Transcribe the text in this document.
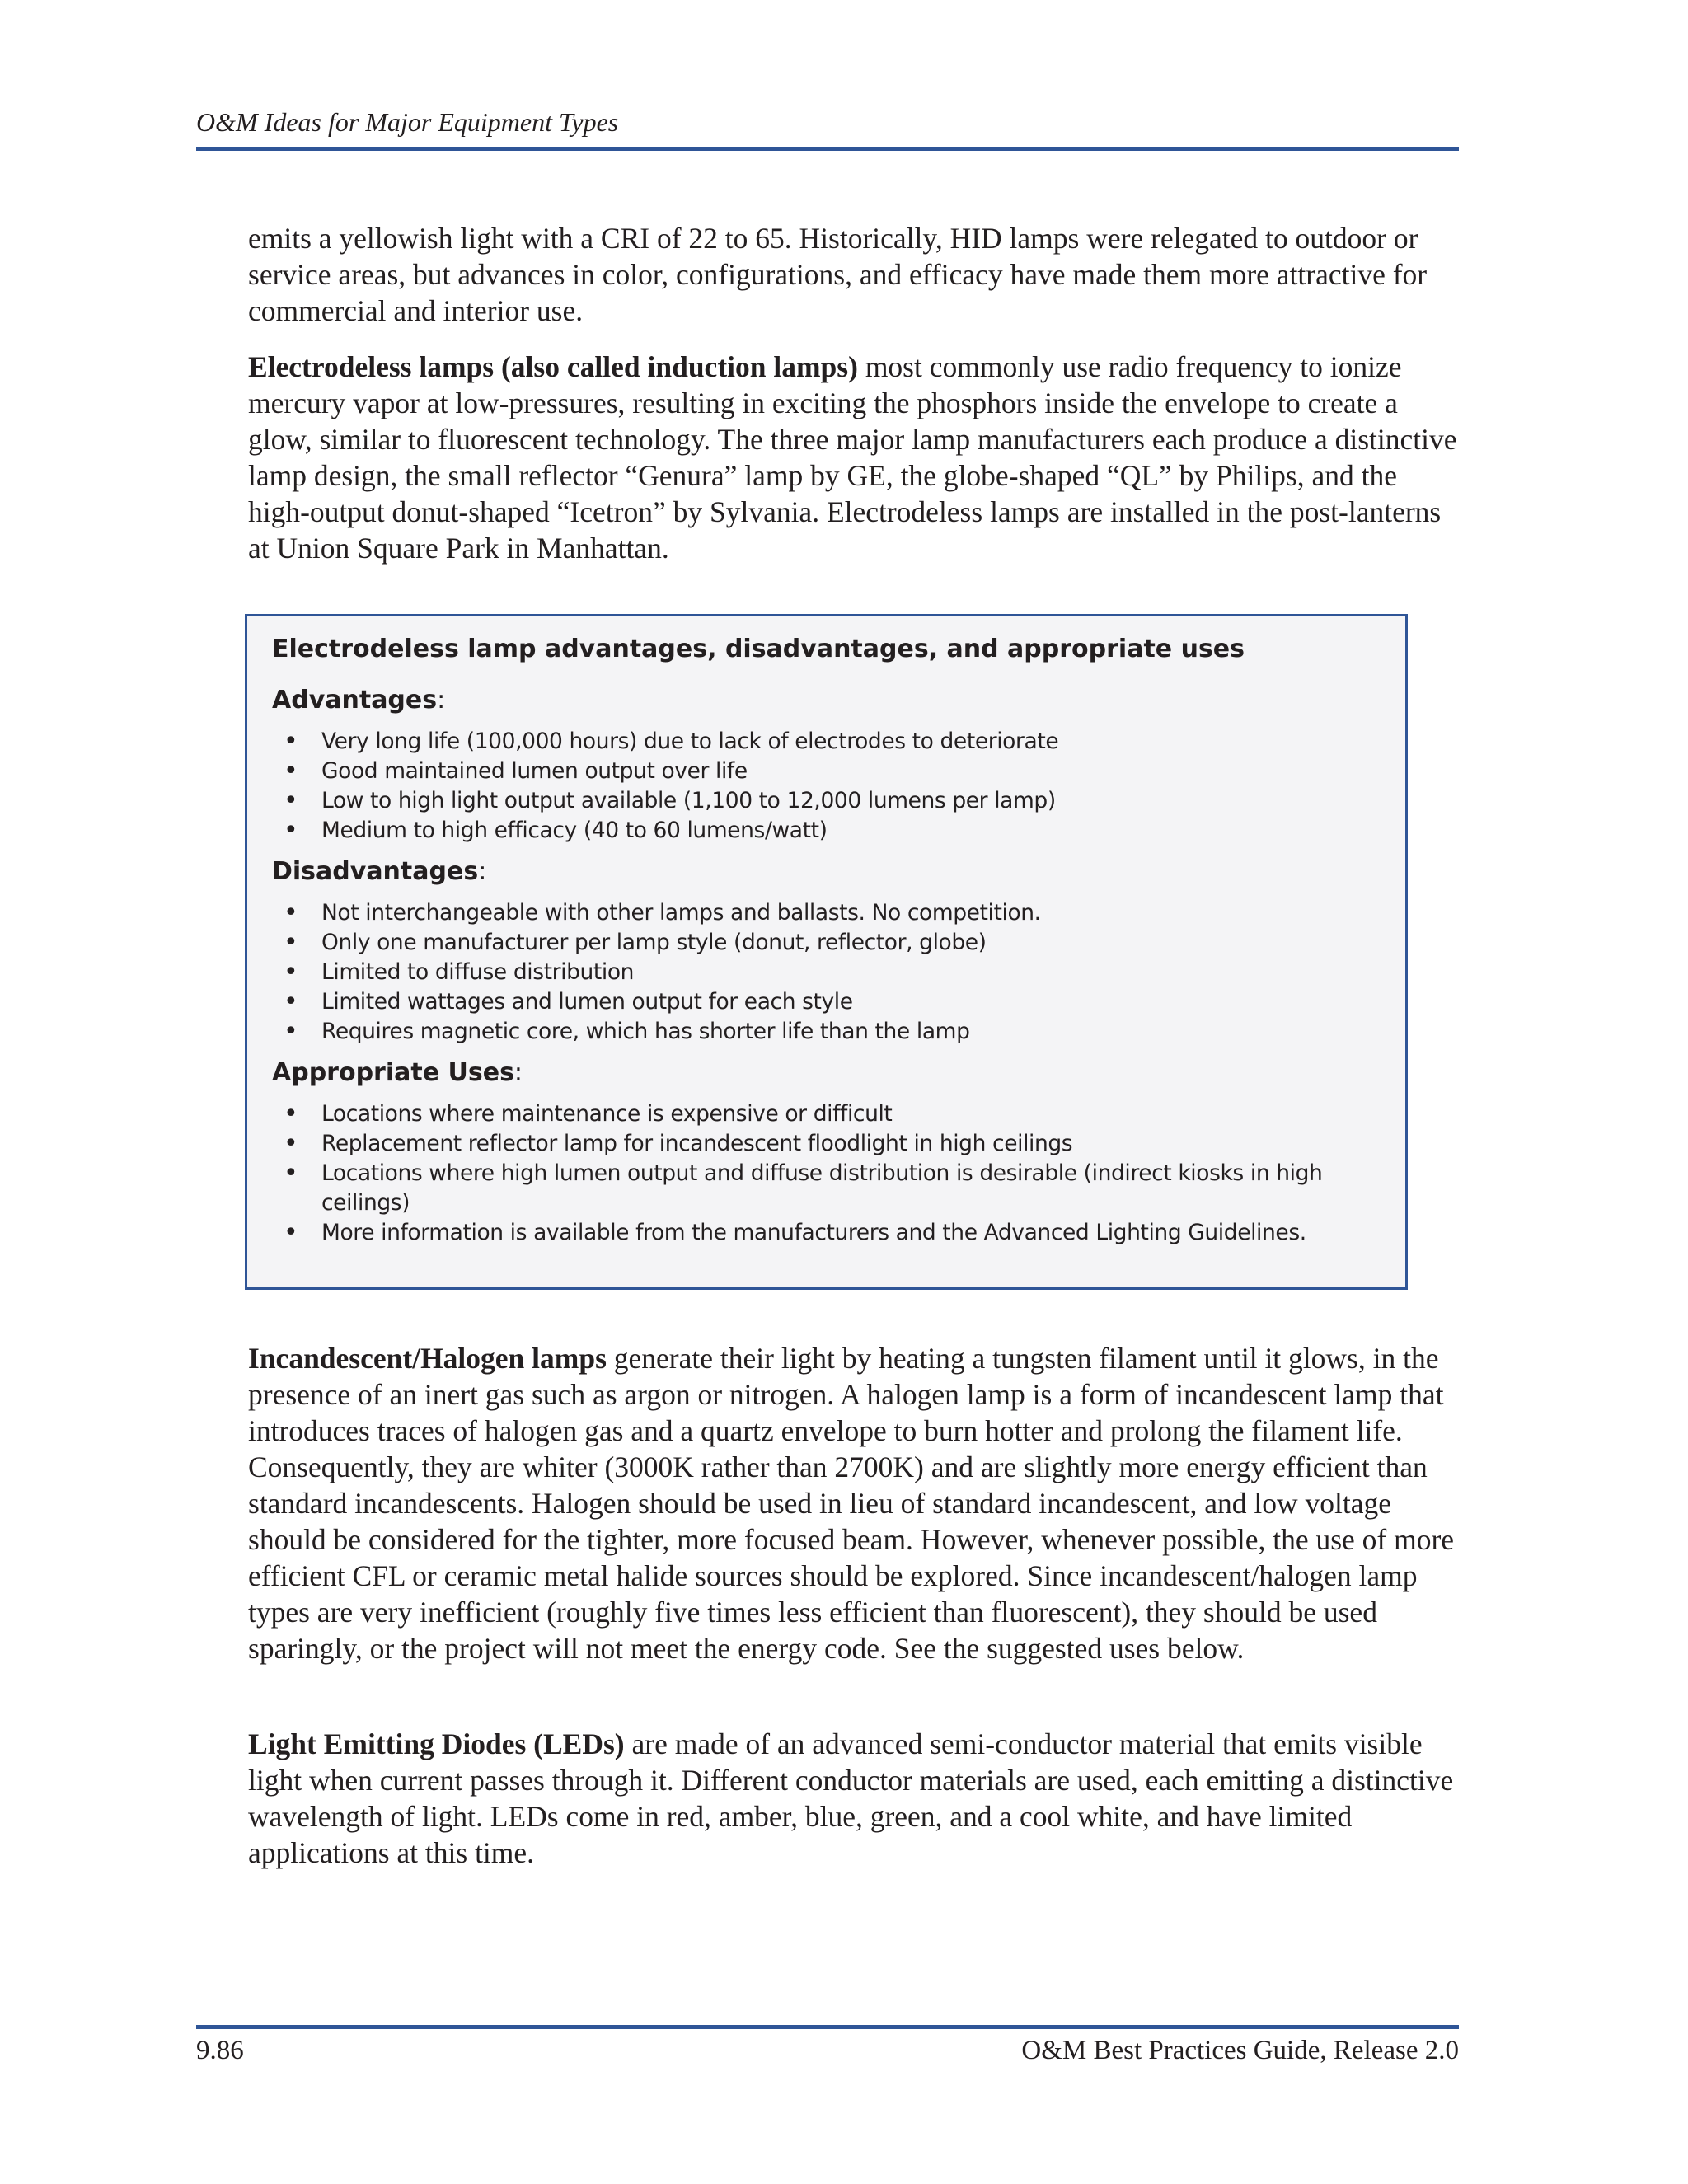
O&M Ideas for Major Equipment Types

emits a yellowish light with a CRI of 22 to 65. Historically, HID lamps were relegated to outdoor or service areas, but advances in color, configurations, and efficacy have made them more attractive for commercial and interior use.

Electrodeless lamps (also called induction lamps) most commonly use radio frequency to ionize mercury vapor at low-pressures, resulting in exciting the phosphors inside the envelope to create a glow, similar to fluorescent technology. The three major lamp manufacturers each produce a distinctive lamp design, the small reflector “Genura” lamp by GE, the globe-shaped “QL” by Philips, and the high-output donut-shaped “Icetron” by Sylvania. Electrodeless lamps are installed in the post-lanterns at Union Square Park in Manhattan.

Electrodeless lamp advantages, disadvantages, and appropriate uses
Advantages:
• Very long life (100,000 hours) due to lack of electrodes to deteriorate
• Good maintained lumen output over life
• Low to high light output available (1,100 to 12,000 lumens per lamp)
• Medium to high efficacy (40 to 60 lumens/watt)
Disadvantages:
• Not interchangeable with other lamps and ballasts. No competition.
• Only one manufacturer per lamp style (donut, reflector, globe)
• Limited to diffuse distribution
• Limited wattages and lumen output for each style
• Requires magnetic core, which has shorter life than the lamp
Appropriate Uses:
• Locations where maintenance is expensive or difficult
• Replacement reflector lamp for incandescent floodlight in high ceilings
• Locations where high lumen output and diffuse distribution is desirable (indirect kiosks in high ceilings)
• More information is available from the manufacturers and the Advanced Lighting Guidelines.

Incandescent/Halogen lamps generate their light by heating a tungsten filament until it glows, in the presence of an inert gas such as argon or nitrogen. A halogen lamp is a form of incandescent lamp that introduces traces of halogen gas and a quartz envelope to burn hotter and prolong the filament life. Consequently, they are whiter (3000K rather than 2700K) and are slightly more energy efficient than standard incandescents. Halogen should be used in lieu of standard incandescent, and low voltage should be considered for the tighter, more focused beam. However, whenever possible, the use of more efficient CFL or ceramic metal halide sources should be explored. Since incandescent/halogen lamp types are very inefficient (roughly five times less efficient than fluorescent), they should be used sparingly, or the project will not meet the energy code. See the suggested uses below.

Light Emitting Diodes (LEDs) are made of an advanced semi-conductor material that emits visible light when current passes through it. Different conductor materials are used, each emitting a distinctive wavelength of light. LEDs come in red, amber, blue, green, and a cool white, and have limited applications at this time.

9.86	O&M Best Practices Guide, Release 2.0
